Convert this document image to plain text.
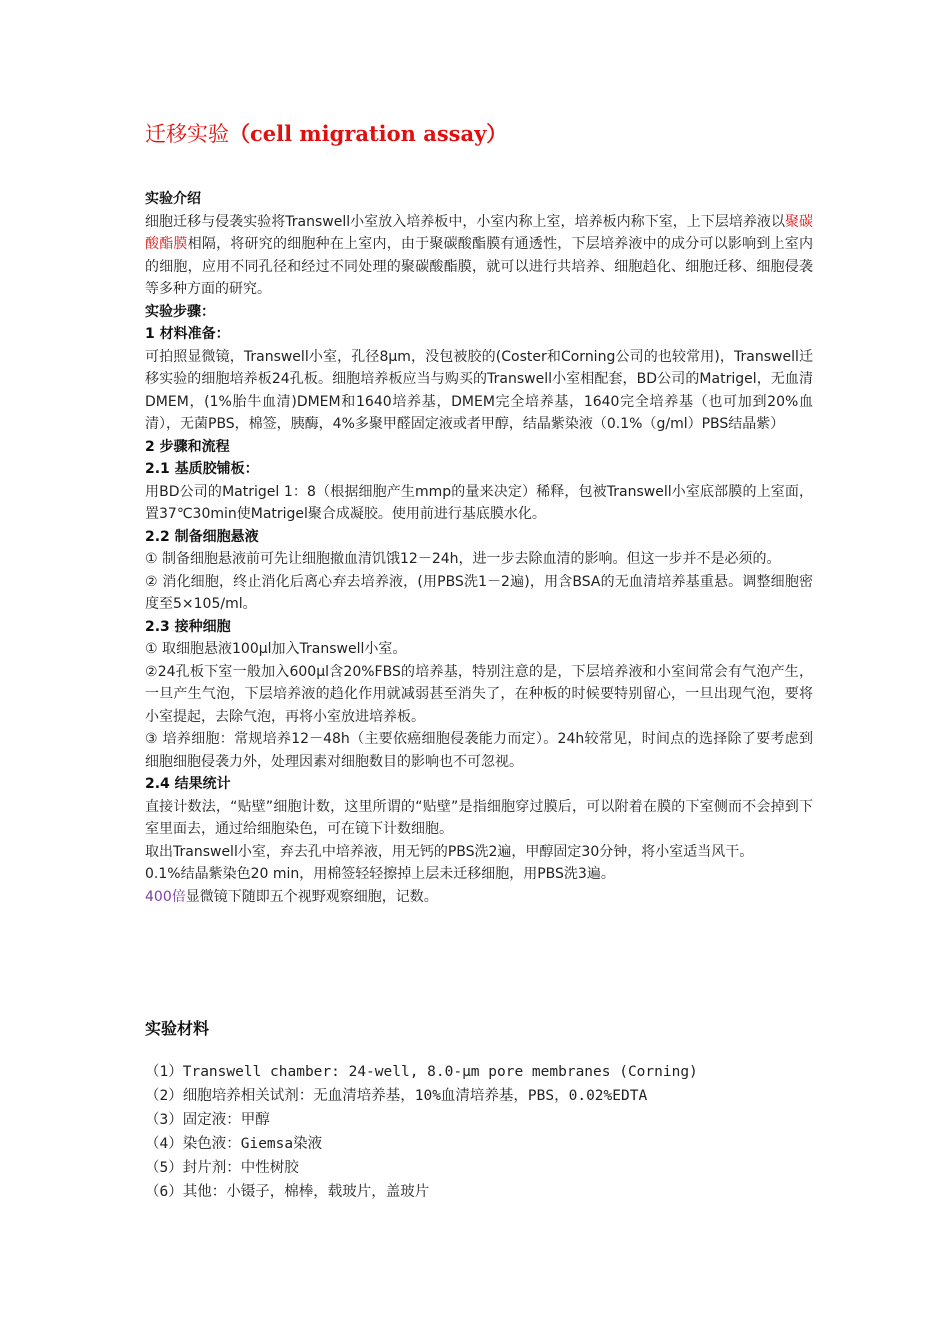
迁移实验（cell migration assay）

实验介绍

细胞迁移与侵袭实验将Transwell小室放入培养板中，小室内称上室，培养板内称下室，上下层培养液以聚碳酸酯膜相隔，将研究的细胞种在上室内，由于聚碳酸酯膜有通透性，下层培养液中的成分可以影响到上室内的细胞，应用不同孔径和经过不同处理的聚碳酸酯膜，就可以进行共培养、细胞趋化、细胞迁移、细胞侵袭等多种方面的研究。

实验步骤：

1 材料准备：

可拍照显微镜，Transwell小室，孔径8μm，没包被胶的(Coster和Corning公司的也较常用)，Transwell迁移实验的细胞培养板24孔板。细胞培养板应当与购买的Transwell小室相配套，BD公司的Matrigel，无血清DMEM，(1%胎牛血清)DMEM和1640培养基，DMEM完全培养基，1640完全培养基（也可加到20%血清），无菌PBS，棉签，胰酶，4%多聚甲醛固定液或者甲醇，结晶紫染液（0.1%（g/ml）PBS结晶紫）

2 步骤和流程

2.1 基质胶铺板：

用BD公司的Matrigel 1：8（根据细胞产生mmp的量来决定）稀释，包被Transwell小室底部膜的上室面，置37℃30min使Matrigel聚合成凝胶。使用前进行基底膜水化。

2.2 制备细胞悬液

① 制备细胞悬液前可先让细胞撤血清饥饿12－24h，进一步去除血清的影响。但这一步并不是必须的。

② 消化细胞，终止消化后离心弃去培养液，(用PBS洗1－2遍)，用含BSA的无血清培养基重悬。调整细胞密度至5×105/ml。

2.3 接种细胞

① 取细胞悬液100μl加入Transwell小室。

②24孔板下室一般加入600μl含20%FBS的培养基，特别注意的是，下层培养液和小室间常会有气泡产生，一旦产生气泡，下层培养液的趋化作用就减弱甚至消失了，在种板的时候要特别留心，一旦出现气泡，要将小室提起，去除气泡，再将小室放进培养板。

③ 培养细胞：常规培养12－48h（主要依癌细胞侵袭能力而定）。24h较常见，时间点的选择除了要考虑到细胞细胞侵袭力外，处理因素对细胞数目的影响也不可忽视。

2.4 结果统计

直接计数法，“贴壁”细胞计数，这里所谓的“贴壁”是指细胞穿过膜后，可以附着在膜的下室侧而不会掉到下室里面去，通过给细胞染色，可在镜下计数细胞。

取出Transwell小室，弃去孔中培养液，用无钙的PBS洗2遍，甲醇固定30分钟，将小室适当风干。

0.1%结晶紫染色20 min，用棉签轻轻擦掉上层未迁移细胞，用PBS洗3遍。

400倍显微镜下随即五个视野观察细胞，记数。

实验材料

（1）Transwell chamber: 24-well, 8.0-μm pore membranes (Corning)

（2）细胞培养相关试剂：无血清培养基，10%血清培养基，PBS，0.02%EDTA

（3）固定液：甲醇

（4）染色液：Giemsa染液

（5）封片剂：中性树胶

（6）其他：小镊子，棉棒，载玻片，盖玻片
